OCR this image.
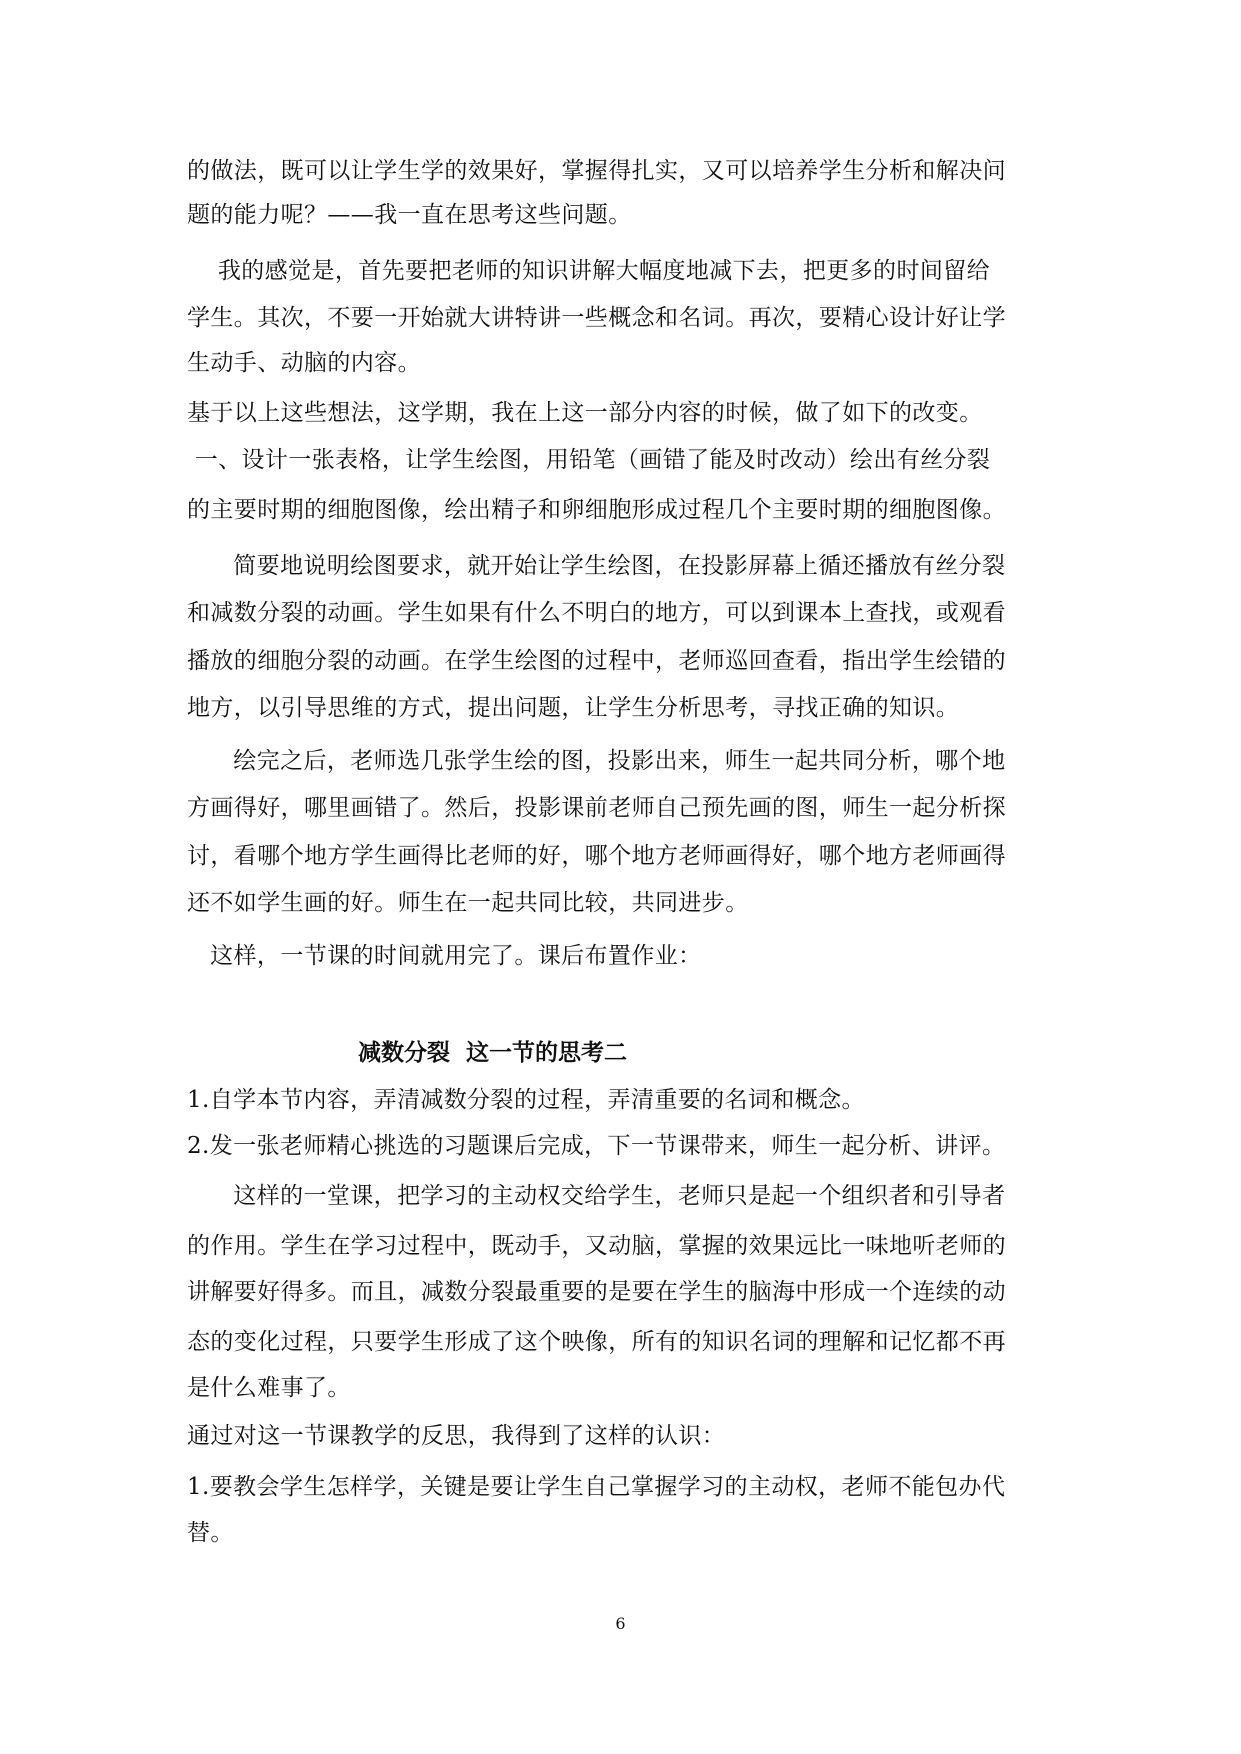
的做法，既可以让学生学的效果好，掌握得扎实，又可以培养学生分析和解决问
题的能力呢？——我一直在思考这些问题。
我的感觉是，首先要把老师的知识讲解大幅度地减下去，把更多的时间留给
学生。其次，不要一开始就大讲特讲一些概念和名词。再次，要精心设计好让学
生动手、动脑的内容。
基于以上这些想法，这学期，我在上这一部分内容的时候，做了如下的改变。
一、设计一张表格，让学生绘图，用铅笔（画错了能及时改动）绘出有丝分裂
的主要时期的细胞图像，绘出精子和卵细胞形成过程几个主要时期的细胞图像。
简要地说明绘图要求，就开始让学生绘图，在投影屏幕上循还播放有丝分裂
和减数分裂的动画。学生如果有什么不明白的地方，可以到课本上查找，或观看
播放的细胞分裂的动画。在学生绘图的过程中，老师巡回查看，指出学生绘错的
地方，以引导思维的方式，提出问题，让学生分析思考，寻找正确的知识。
绘完之后，老师选几张学生绘的图，投影出来，师生一起共同分析，哪个地
方画得好，哪里画错了。然后，投影课前老师自己预先画的图，师生一起分析探
讨，看哪个地方学生画得比老师的好，哪个地方老师画得好，哪个地方老师画得
还不如学生画的好。师生在一起共同比较，共同进步。
这样，一节课的时间就用完了。课后布置作业：
减数分裂  这一节的思考二
1.自学本节内容，弄清减数分裂的过程，弄清重要的名词和概念。
2.发一张老师精心挑选的习题课后完成，下一节课带来，师生一起分析、讲评。
这样的一堂课，把学习的主动权交给学生，老师只是起一个组织者和引导者
的作用。学生在学习过程中，既动手，又动脑，掌握的效果远比一味地听老师的
讲解要好得多。而且，减数分裂最重要的是要在学生的脑海中形成一个连续的动
态的变化过程，只要学生形成了这个映像，所有的知识名词的理解和记忆都不再
是什么难事了。
通过对这一节课教学的反思，我得到了这样的认识：
1.要教会学生怎样学，关键是要让学生自己掌握学习的主动权，老师不能包办代
替。
6
